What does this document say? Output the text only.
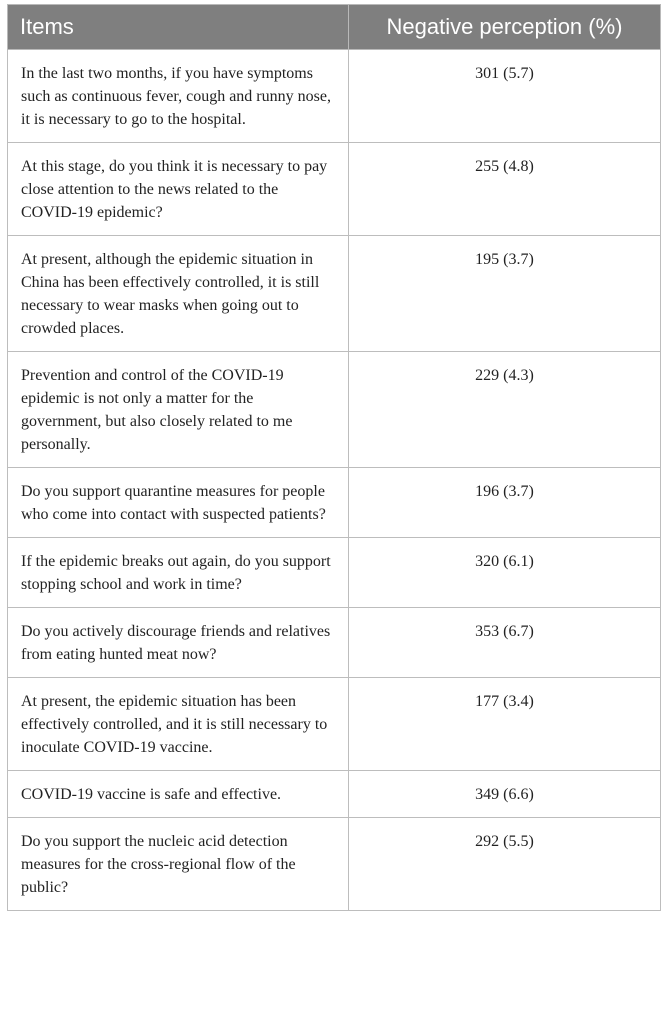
Items	Negative perception (%)
In the last two months, if you have symptoms such as continuous fever, cough and runny nose, it is necessary to go to the hospital.	301 (5.7)
At this stage, do you think it is necessary to pay close attention to the news related to the COVID-19 epidemic?	255 (4.8)
At present, although the epidemic situation in China has been effectively controlled, it is still necessary to wear masks when going out to crowded places.	195 (3.7)
Prevention and control of the COVID-19 epidemic is not only a matter for the government, but also closely related to me personally.	229 (4.3)
Do you support quarantine measures for people who come into contact with suspected patients?	196 (3.7)
If the epidemic breaks out again, do you support stopping school and work in time?	320 (6.1)
Do you actively discourage friends and relatives from eating hunted meat now?	353 (6.7)
At present, the epidemic situation has been effectively controlled, and it is still necessary to inoculate COVID-19 vaccine.	177 (3.4)
COVID-19 vaccine is safe and effective.	349 (6.6)
Do you support the nucleic acid detection measures for the cross-regional flow of the public?	292 (5.5)
